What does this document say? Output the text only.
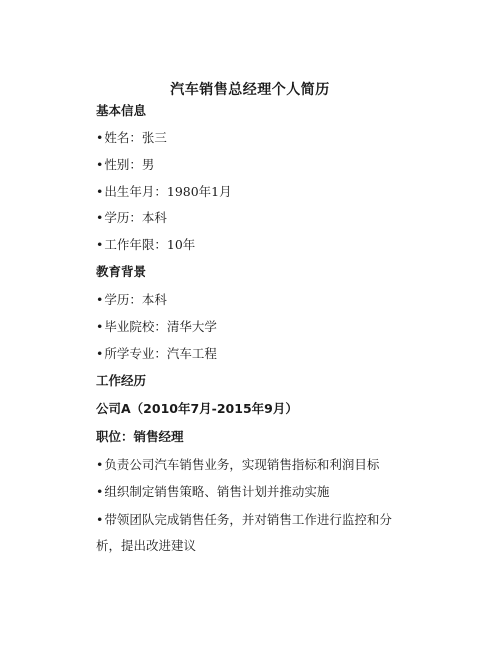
汽车销售总经理个人简历
基本信息
• 姓名：张三
• 性别：男
• 出生年月：1980年1月
• 学历：本科
• 工作年限：10年
教育背景
• 学历：本科
• 毕业院校：清华大学
• 所学专业：汽车工程
工作经历
公司A（2010年7月-2015年9月）
职位：销售经理
• 负责公司汽车销售业务，实现销售指标和利润目标
• 组织制定销售策略、销售计划并推动实施
• 带领团队完成销售任务，并对销售工作进行监控和分析，提出改进建议
